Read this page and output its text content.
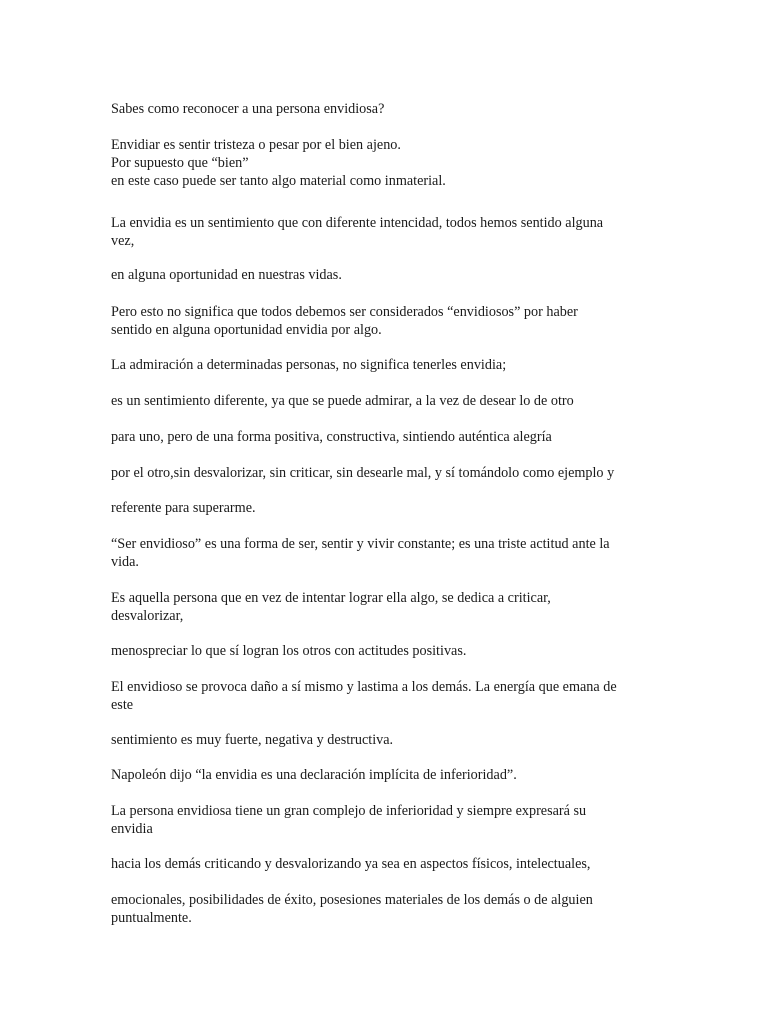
Sabes como reconocer a una persona envidiosa?

Envidiar es sentir tristeza o pesar por el bien ajeno.
Por supuesto que “bien”
en este caso puede ser tanto algo material como inmaterial.

La envidia es un sentimiento que con diferente intencidad, todos hemos sentido alguna
vez,

en alguna oportunidad en nuestras vidas.

Pero esto no significa que todos debemos ser considerados “envidiosos” por haber
sentido en alguna oportunidad envidia por algo.

La admiración a determinadas personas, no significa tenerles envidia;

es un sentimiento diferente, ya que se puede admirar, a la vez de desear lo de otro

para uno, pero de una forma positiva, constructiva, sintiendo auténtica alegría

por el otro,sin desvalorizar, sin criticar, sin desearle mal, y sí tomándolo como ejemplo y

referente para superarme.

“Ser envidioso” es una forma de ser, sentir y vivir constante; es una triste actitud ante la
vida.

Es aquella persona que en vez de intentar lograr ella algo, se dedica a criticar,
desvalorizar,

menospreciar lo que sí logran los otros con actitudes positivas.

El envidioso se provoca daño a sí mismo y lastima a los demás. La energía que emana de
este

sentimiento es muy fuerte, negativa y destructiva.

Napoleón dijo “la envidia es una declaración implícita de inferioridad”.

La persona envidiosa tiene un gran complejo de inferioridad y siempre expresará su
envidia

hacia los demás criticando y desvalorizando ya sea en aspectos físicos, intelectuales,

emocionales, posibilidades de éxito, posesiones materiales de los demás o de alguien
puntualmente.
